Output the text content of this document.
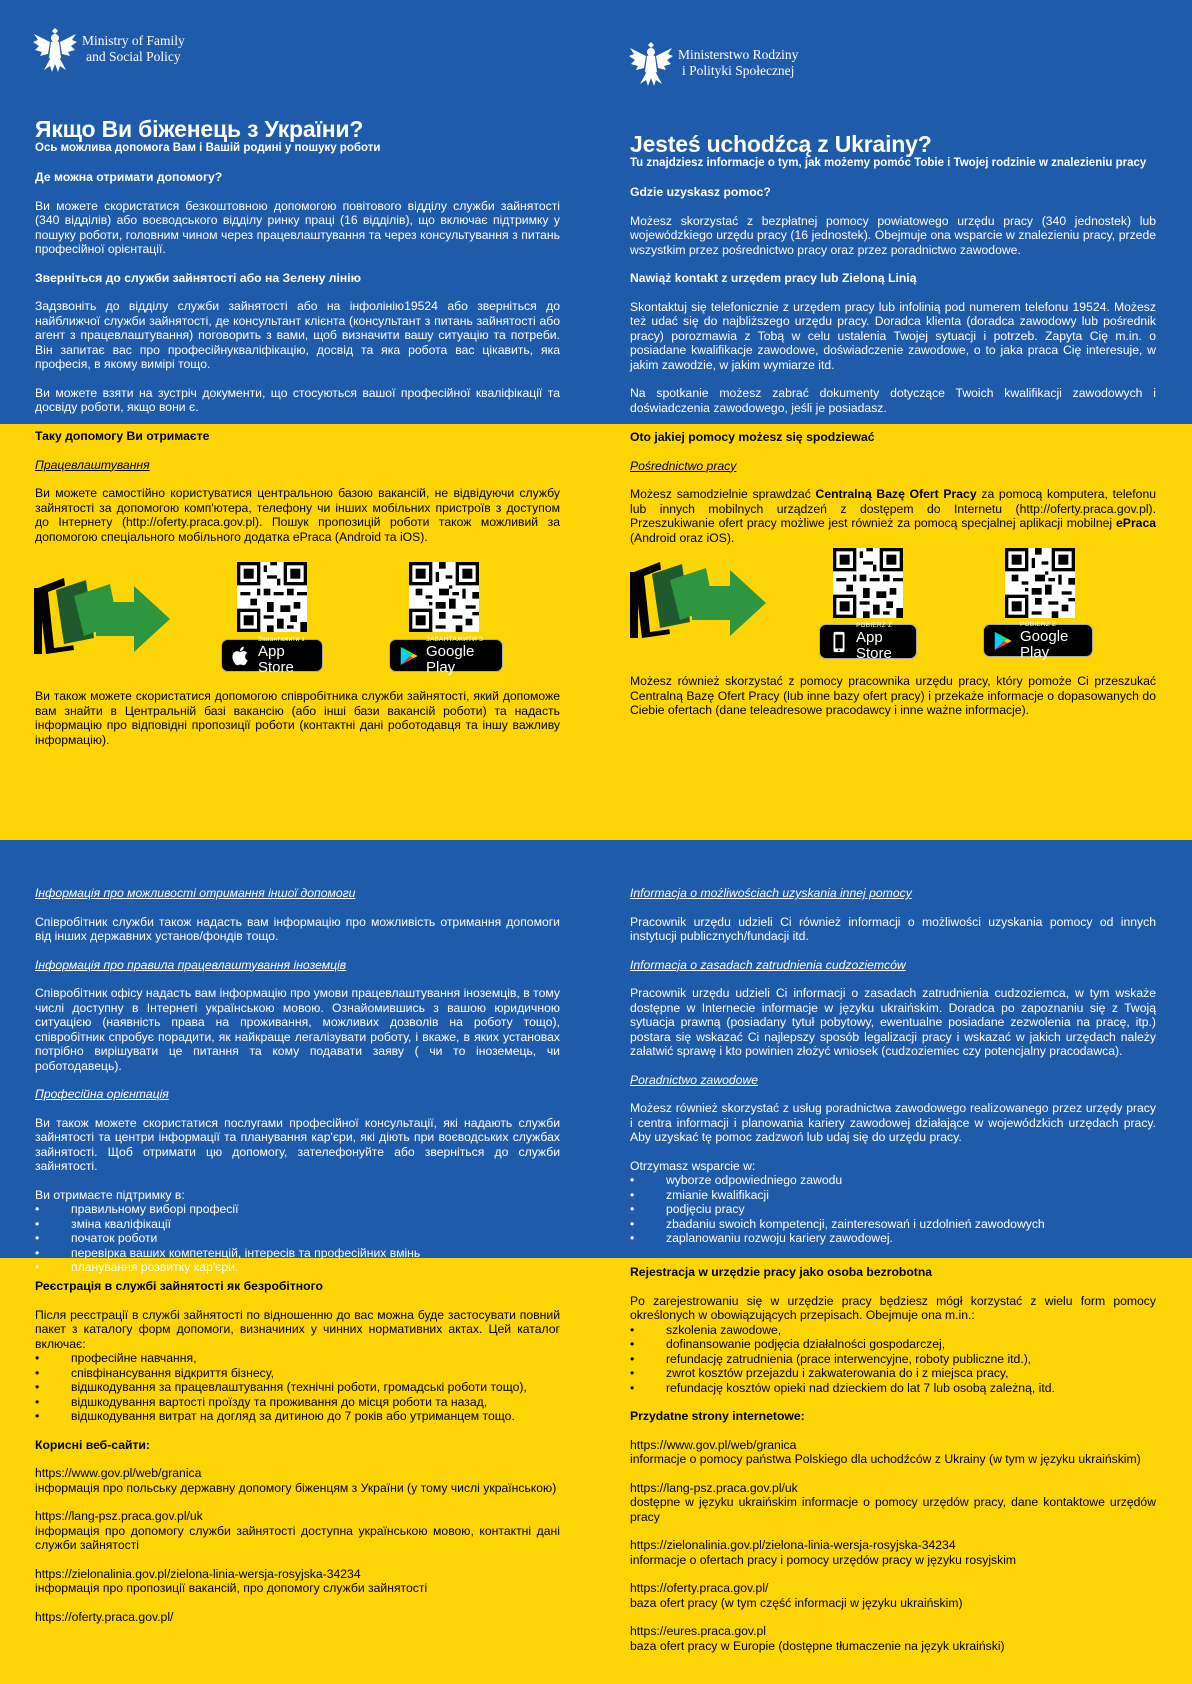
Ministry of Family
and Social Policy	Ministerstwo Rodziny
i Polityki Społecznej
Якщо Ви біженець з України?
Ось можлива допомога Вам і Вашій родині у пошуку роботи

Де можна отримати допомогу?

Ви можете скористатися безкоштовною допомогою повітового відділу служби зайнятості (340 відділів) або воєводського відділу ринку праці (16 відділів), що включає підтримку у пошуку роботи, головним чином через працевлаштування та через консультування з питань професійної орієнтації.

Зверніться до служби зайнятості або на Зелену лінію

Задзвоніть до відділу служби зайнятості або на інфолінію19524 або зверніться до найближчої служби зайнятості, де консультант клієнта (консультант з питань зайнятості або агент з працевлаштування) поговорить з вами, щоб визначити вашу ситуацію та потреби. Він запитає вас про професійнукваліфікацію, досвід та яка робота вас цікавить, яка професія, в якому вимірі тощо.

Ви можете взяти на зустріч документи, що стосуються вашої професійної кваліфікації та досвіду роботи, якщо вони є.

Таку допомогу Ви отримаєте

Працевлаштування

Ви можете самостійно користуватися центральною базою вакансій, не відвідуючи службу зайнятості за допомогою комп'ютера, телефону чи інших мобільних пристроїв з доступом до Інтернету (http://oferty.praca.gov.pl). Пошук пропозицій роботи також можливий за допомогою спеціального мобільного додатка ePraca (Android та iOS).

Завантажити з
App Store
ЗАВАНТАЖИТИ З
Google Play

Ви також можете скористатися допомогою співробітника служби зайнятості, який допоможе вам знайти в Центральній базі вакансію (або інші бази вакансій роботи) та надасть інформацію про відповідні пропозиції роботи (контактні дані роботодавця та іншу важливу інформацію).

Інформація про можливості отримання іншої допомоги

Співробітник служби також надасть вам інформацію про можливість отримання допомоги від інших державних установ/фондів тощо.

Інформація про правила працевлаштування іноземців

Співробітник офісу надасть вам інформацію про умови працевлаштування іноземців, в тому числі доступну в Інтернеті українською мовою. Ознайомившись з вашою юридичною ситуацією (наявність права на проживання, можливих дозволів на роботу тощо), співробітник спробує порадити, як найкраще легалізувати роботу, і вкаже, в яких установах потрібно вирішувати це питання та кому подавати заяву ( чи то іноземець, чи роботодавець).

Професійна орієнтація

Ви також можете скористатися послугами професійної консультації, які надають служби зайнятості та центри інформації та планування кар'єри, які діють при воєводських службах зайнятості. Щоб отримати цю допомогу, зателефонуйте або зверніться до служби зайнятості.

Ви отримаєте підтримку в:

• правильному виборі професії
• зміна кваліфікації
• початок роботи
• перевірка ваших компетенцій, інтересів та професійних вмінь
• планування розвитку кар'єри.

Реєстрація в службі зайнятості як безробітного

Після реєстрації в службі зайнятості по відношенню до вас можна буде застосувати повний пакет з каталогу форм допомоги, визначиних у чинних нормативних актах. Цей каталог включає:

• професійне навчання,
• співфінансування відкриття бізнесу,
• відшкодування за працевлаштування (технічні роботи, громадські роботи тощо),
• відшкодування вартості проїзду та проживання до місця роботи та назад,
• відшкодування витрат на догляд за дитиною до 7 років або утриманцем тощо.

Корисні веб-сайти:

https://www.gov.pl/web/granica

інформація про польську державну допомогу біженцям з України (у тому числі українською)

https://lang-psz.praca.gov.pl/uk

інформація про допомогу служби зайнятості доступна українською мовою, контактні дані служби зайнятості

https://zielonalinia.gov.pl/zielona-linia-wersja-rosyjska-34234

інформація про пропозиції вакансій, про допомогу служби зайнятості

https://oferty.praca.gov.pl/

Jesteś uchodźcą z Ukrainy?
Tu znajdziesz informacje o tym, jak możemy pomóc Tobie i Twojej rodzinie w znalezieniu pracy

Gdzie uzyskasz pomoc?

Możesz skorzystać z bezpłatnej pomocy powiatowego urzędu pracy (340 jednostek) lub wojewódzkiego urzędu pracy (16 jednostek). Obejmuje ona wsparcie w znalezieniu pracy, przede wszystkim przez pośrednictwo pracy oraz przez poradnictwo zawodowe.

Nawiąż kontakt z urzędem pracy lub Zieloną Linią

Skontaktuj się telefonicznie z urzędem pracy lub infolinią pod numerem telefonu 19524. Możesz też udać się do najbliższego urzędu pracy. Doradca klienta (doradca zawodowy lub pośrednik pracy) porozmawia z Tobą w celu ustalenia Twojej sytuacji i potrzeb. Zapyta Cię m.in. o posiadane kwalifikacje zawodowe, doświadczenie zawodowe, o to jaka praca Cię interesuje, w jakim zawodzie, w jakim wymiarze itd.

Na spotkanie możesz zabrać dokumenty dotyczące Twoich kwalifikacji zawodowych i doświadczenia zawodowego, jeśli je posiadasz.

Oto jakiej pomocy możesz się spodziewać

Pośrednictwo pracy

Możesz samodzielnie sprawdzać Centralną Bazę Ofert Pracy za pomocą komputera, telefonu lub innych mobilnych urządzeń z dostępem do Internetu (http://oferty.praca.gov.pl). Przeszukiwanie ofert pracy możliwe jest również za pomocą specjalnej aplikacji mobilnej ePraca (Android oraz iOS).

POBIERZ Z
App Store
POBIERZ Z
Google Play

Możesz również skorzystać z pomocy pracownika urzędu pracy, który pomoże Ci przeszukać Centralną Bazę Ofert Pracy (lub inne bazy ofert pracy) i przekaże informacje o dopasowanych do Ciebie ofertach (dane teleadresowe pracodawcy i inne ważne informacje).

Informacja o możliwościach uzyskania innej pomocy

Pracownik urzędu udzieli Ci również informacji o możliwości uzyskania pomocy od innych instytucji publicznych/fundacji itd.

Informacja o zasadach zatrudnienia cudzoziemców

Pracownik urzędu udzieli Ci informacji o zasadach zatrudnienia cudzoziemca, w tym wskaże dostępne w Internecie informacje w języku ukraińskim. Doradca po zapoznaniu się z Twoją sytuacja prawną (posiadany tytuł pobytowy, ewentualne posiadane zezwolenia na pracę, itp.) postara się wskazać Ci najlepszy sposób legalizacji pracy i wskazać w jakich urzędach należy załatwić sprawę i kto powinien złożyć wniosek (cudzoziemiec czy potencjalny pracodawca).

Poradnictwo zawodowe

Możesz również skorzystać z usług poradnictwa zawodowego realizowanego przez urzędy pracy i centra informacji i planowania kariery zawodowej działające w wojewódzkich urzędach pracy. Aby uzyskać tę pomoc zadzwoń lub udaj się do urzędu pracy.

Otrzymasz wsparcie w:

• wyborze odpowiedniego zawodu
• zmianie kwalifikacji
• podjęciu pracy
• zbadaniu swoich kompetencji, zainteresowań i uzdolnień zawodowych
• zaplanowaniu rozwoju kariery zawodowej.

Rejestracja w urzędzie pracy jako osoba bezrobotna

Po zarejestrowaniu się w urzędzie pracy będziesz mógł korzystać z wielu form pomocy określonych w obowiązujących przepisach. Obejmuje ona m.in.:

• szkolenia zawodowe,
• dofinansowanie podjęcia działalności gospodarczej,
• refundację zatrudnienia (prace interwencyjne, roboty publiczne itd.),
• zwrot kosztów przejazdu i zakwaterowania do i z miejsca pracy,
• refundację kosztów opieki nad dzieckiem do lat 7 lub osobą zależną, itd.

Przydatne strony internetowe:

https://www.gov.pl/web/granica

informacje o pomocy państwa Polskiego dla uchodźców z Ukrainy (w tym w języku ukraińskim)

https://lang-psz.praca.gov.pl/uk

dostępne w języku ukraińskim informacje o pomocy urzędów pracy, dane kontaktowe urzędów pracy

https://zielonalinia.gov.pl/zielona-linia-wersja-rosyjska-34234

informacje o ofertach pracy i pomocy urzędów pracy w języku rosyjskim

https://oferty.praca.gov.pl/

baza ofert pracy (w tym część informacji w języku ukraińskim)

https://eures.praca.gov.pl

baza ofert pracy w Europie (dostępne tłumaczenie na język ukraiński)
